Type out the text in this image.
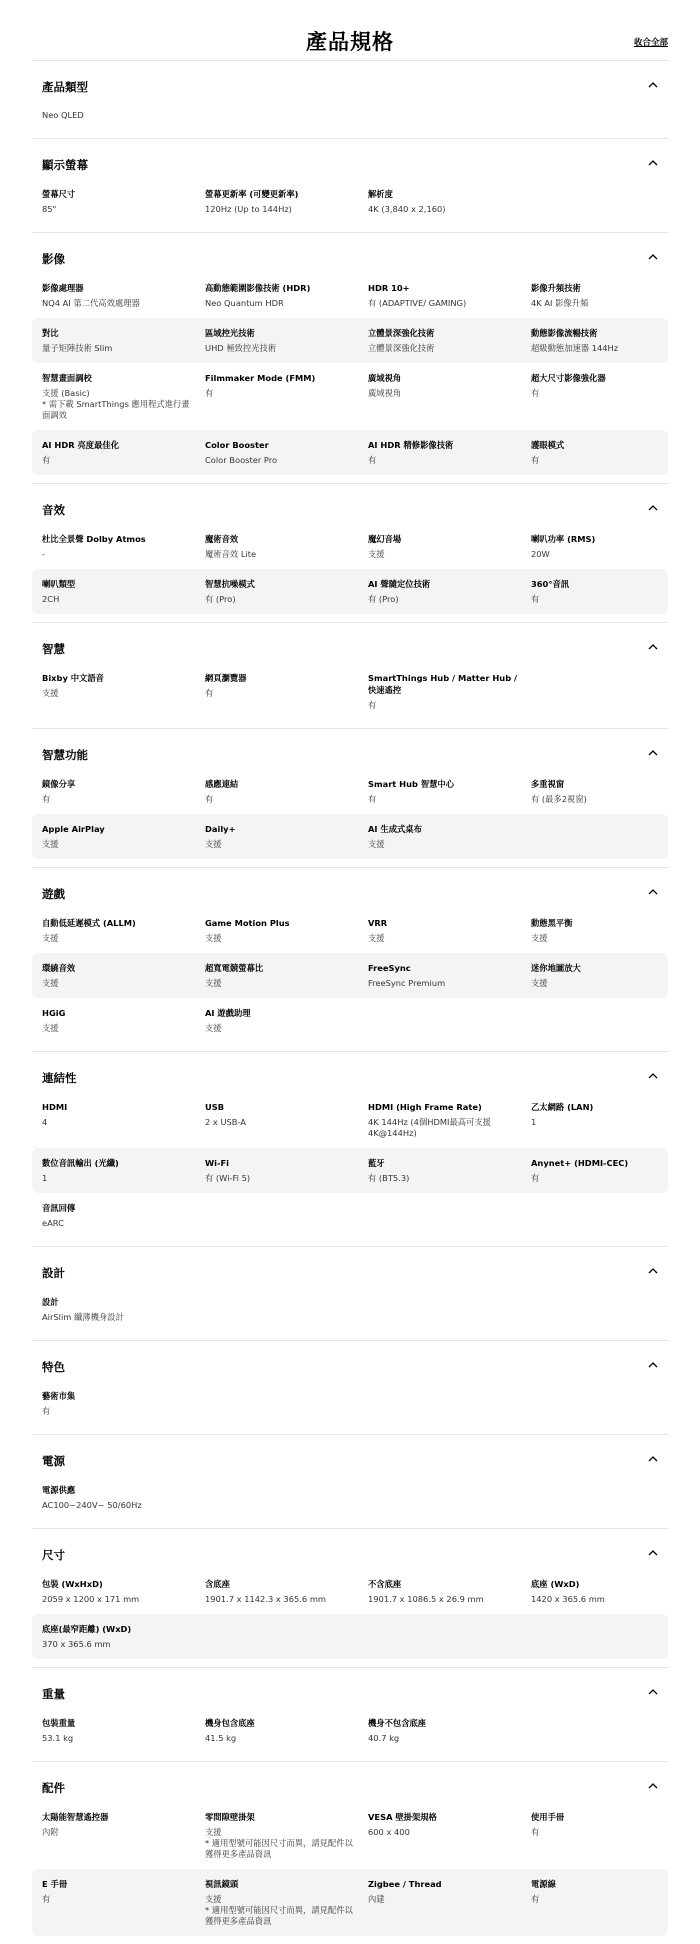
產品規格	收合全部
產品類型
Neo QLED
顯示螢幕
螢幕尺寸
85"
螢幕更新率 (可變更新率)
120Hz (Up to 144Hz)
解析度
4K (3,840 x 2,160)
影像
影像處理器
NQ4 AI 第二代高效處理器
高動態範圍影像技術 (HDR)
Neo Quantum HDR
HDR 10+
有 (ADAPTIVE/ GAMING)
影像升頻技術
4K AI 影像升頻
對比
量子矩陣技術 Slim
區域控光技術
UHD 極致控光技術
立體景深強化技術
立體景深強化技術
動態影像流暢技術
超級動態加速器 144Hz
智慧畫面調校
支援 (Basic)
* 需下載 SmartThings 應用程式進行畫面調效
Filmmaker Mode (FMM)
有
廣域視角
廣域視角
超大尺寸影像強化器
有
AI HDR 亮度最佳化
有
Color Booster
Color Booster Pro
AI HDR 精修影像技術
有
護眼模式
有
音效
杜比全景聲 Dolby Atmos
-
魔術音效
魔術音效 Lite
魔幻音場
支援
喇叭功率 (RMS)
20W
喇叭類型
2CH
智慧抗噪模式
有 (Pro)
AI 聲隨定位技術
有 (Pro)
360°音訊
有
智慧
Bixby 中文語音
支援
網頁瀏覽器
有
SmartThings Hub / Matter Hub / 快速遙控
有
智慧功能
鏡像分享
有
感應連結
有
Smart Hub 智慧中心
有
多重視窗
有 (最多2視窗)
Apple AirPlay
支援
Daily+
支援
AI 生成式桌布
支援
遊戲
自動低延遲模式 (ALLM)
支援
Game Motion Plus
支援
VRR
支援
動態黑平衡
支援
環繞音效
支援
超寬電競螢幕比
支援
FreeSync
FreeSync Premium
迷你地圖放大
支援
HGiG
支援
AI 遊戲助理
支援
連結性
HDMI
4
USB
2 x USB-A
HDMI (High Frame Rate)
4K 144Hz (4個HDMI最高可支援4K@144Hz)
乙太網路 (LAN)
1
數位音訊輸出 (光纖)
1
Wi-Fi
有 (Wi-Fi 5)
藍牙
有 (BT5.3)
Anynet+ (HDMI-CEC)
有
音訊回傳
eARC
設計
設計
AirSlim 纖薄機身設計
特色
藝術市集
有
電源
電源供應
AC100~240V~ 50/60Hz
尺寸
包裝 (WxHxD)
2059 x 1200 x 171 mm
含底座
1901.7 x 1142.3 x 365.6 mm
不含底座
1901.7 x 1086.5 x 26.9 mm
底座 (WxD)
1420 x 365.6 mm
底座(最窄距離) (WxD)
370 x 365.6 mm
重量
包裝重量
53.1 kg
機身包含底座
41.5 kg
機身不包含底座
40.7 kg
配件
太陽能智慧遙控器
內附
零間隙壁掛架
支援
* 適用型號可能因尺寸而異，請見配件以獲得更多產品資訊
VESA 壁掛架規格
600 x 400
使用手冊
有
E 手冊
有
視訊鏡頭
支援
* 適用型號可能因尺寸而異，請見配件以獲得更多產品資訊
Zigbee / Thread
內建
電源線
有
